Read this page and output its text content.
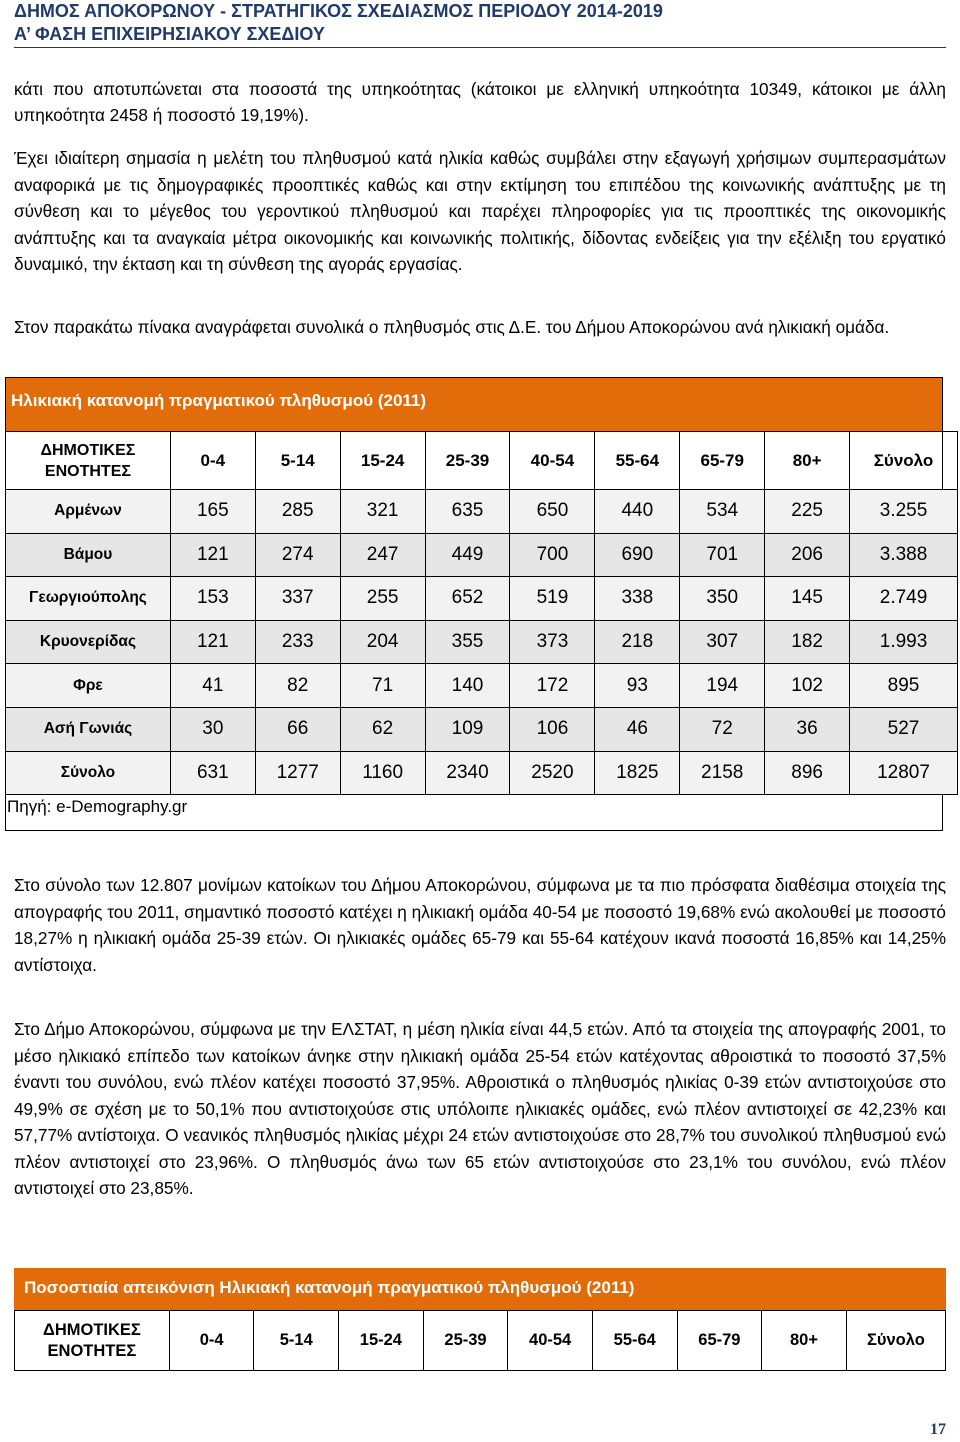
ΔΗΜΟΣ ΑΠΟΚΟΡΩΝΟΥ - ΣΤΡΑΤΗΓΙΚΟΣ ΣΧΕΔΙΑΣΜΟΣ ΠΕΡΙΟΔΟΥ 2014-2019
Α’ ΦΑΣΗ ΕΠΙΧΕΙΡΗΣΙΑΚΟΥ ΣΧΕΔΙΟΥ

κάτι που αποτυπώνεται στα ποσοστά της υπηκοότητας (κάτοικοι με ελληνική υπηκοότητα 10349, κάτοικοι με άλλη υπηκοότητα 2458 ή ποσοστό 19,19%).

Έχει ιδιαίτερη σημασία η μελέτη του πληθυσμού κατά ηλικία καθώς συμβάλει στην εξαγωγή χρήσιμων συμπερασμάτων αναφορικά με τις δημογραφικές προοπτικές καθώς και στην εκτίμηση του επιπέδου της κοινωνικής ανάπτυξης με τη σύνθεση και το μέγεθος του γεροντικού πληθυσμού και παρέχει πληροφορίες για τις προοπτικές της οικονομικής ανάπτυξης και τα αναγκαία μέτρα οικονομικής και κοινωνικής πολιτικής, δίδοντας ενδείξεις για την εξέλιξη του εργατικό δυναμικό, την έκταση και τη σύνθεση της αγοράς εργασίας.

Στον παρακάτω πίνακα αναγράφεται συνολικά ο πληθυσμός στις Δ.Ε. του Δήμου Αποκορώνου ανά ηλικιακή ομάδα.

Ηλικιακή κατανομή πραγματικού πληθυσμού (2011)
ΔΗΜΟΤΙΚΕΣ ΕΝΟΤΗΤΕΣ	0-4	5-14	15-24	25-39	40-54	55-64	65-79	80+	Σύνολο
Αρμένων	165	285	321	635	650	440	534	225	3.255
Βάμου	121	274	247	449	700	690	701	206	3.388
Γεωργιούπολης	153	337	255	652	519	338	350	145	2.749
Κρυονερίδας	121	233	204	355	373	218	307	182	1.993
Φρε	41	82	71	140	172	93	194	102	895
Ασή Γωνιάς	30	66	62	109	106	46	72	36	527
Σύνολο	631	1277	1160	2340	2520	1825	2158	896	12807
Πηγή: e-Demography.gr

Στο σύνολο των 12.807 μονίμων κατοίκων του Δήμου Αποκορώνου, σύμφωνα με τα πιο πρόσφατα διαθέσιμα στοιχεία της απογραφής του 2011, σημαντικό ποσοστό κατέχει η ηλικιακή ομάδα 40-54 με ποσοστό 19,68% ενώ ακολουθεί με ποσοστό 18,27% η ηλικιακή ομάδα 25-39 ετών. Οι ηλικιακές ομάδες 65-79 και 55-64 κατέχουν ικανά ποσοστά 16,85% και 14,25% αντίστοιχα.

Στο Δήμο Αποκορώνου, σύμφωνα με την ΕΛΣΤΑΤ, η μέση ηλικία είναι 44,5 ετών. Από τα στοιχεία της απογραφής 2001, το μέσο ηλικιακό επίπεδο των κατοίκων άνηκε στην ηλικιακή ομάδα 25-54 ετών κατέχοντας αθροιστικά το ποσοστό 37,5% έναντι του συνόλου, ενώ πλέον κατέχει ποσοστό 37,95%. Αθροιστικά ο πληθυσμός ηλικίας 0-39 ετών αντιστοιχούσε στο 49,9% σε σχέση με το 50,1% που αντιστοιχούσε στις υπόλοιπε ηλικιακές ομάδες, ενώ πλέον αντιστοιχεί σε 42,23% και 57,77% αντίστοιχα. Ο νεανικός πληθυσμός ηλικίας μέχρι 24 ετών αντιστοιχούσε στο 28,7% του συνολικού πληθυσμού ενώ πλέον αντιστοιχεί στο 23,96%. Ο πληθυσμός άνω των 65 ετών αντιστοιχούσε στο 23,1% του συνόλου, ενώ πλέον αντιστοιχεί στο 23,85%.

Ποσοστιαία απεικόνιση Ηλικιακή κατανομή πραγματικού πληθυσμού (2011)
ΔΗΜΟΤΙΚΕΣ ΕΝΟΤΗΤΕΣ	0-4	5-14	15-24	25-39	40-54	55-64	65-79	80+	Σύνολο
17
